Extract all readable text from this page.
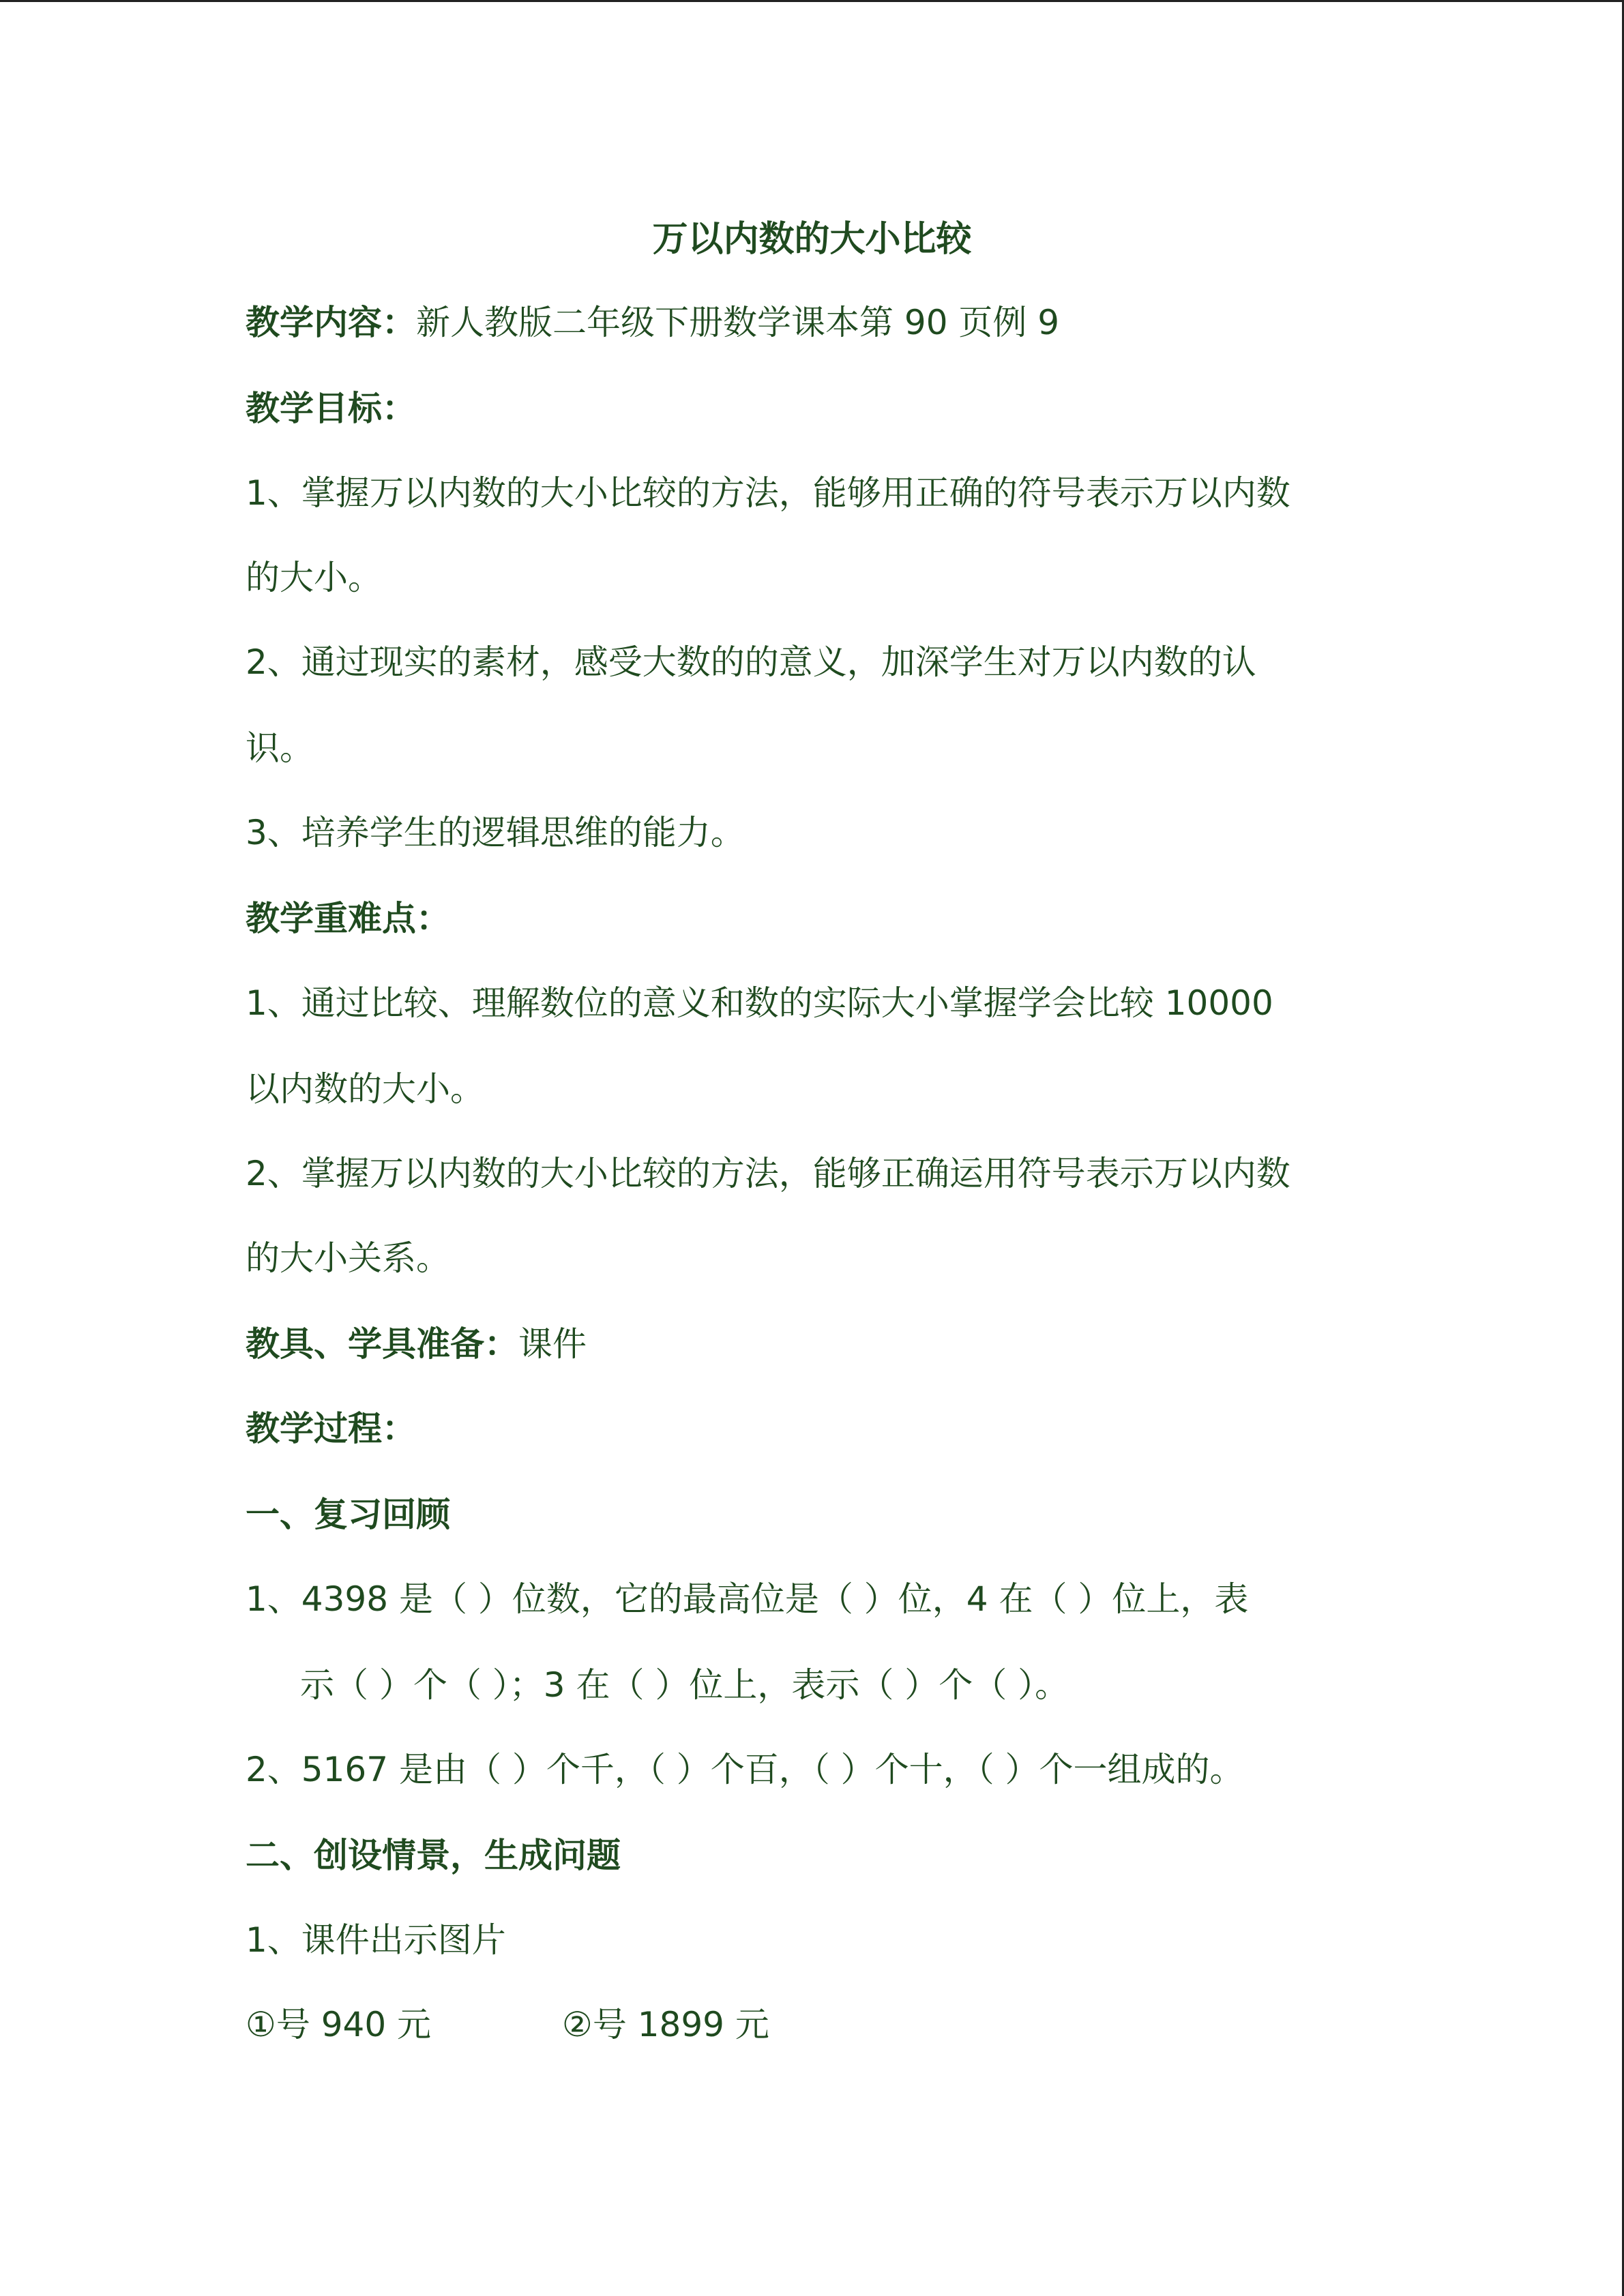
万以内数的大小比较
教学内容：新人教版二年级下册数学课本第 90 页例 9
教学目标：
1、掌握万以内数的大小比较的方法，能够用正确的符号表示万以内数
的大小。
2、通过现实的素材，感受大数的的意义，加深学生对万以内数的认
识。
3、培养学生的逻辑思维的能力。
教学重难点：
1、通过比较、理解数位的意义和数的实际大小掌握学会比较 10000
以内数的大小。
2、掌握万以内数的大小比较的方法，能够正确运用符号表示万以内数
的大小关系。
教具、学具准备：课件
教学过程：
一、复习回顾
1、4398 是（ ）位数，它的最高位是（ ）位，4 在（ ）位上，表
示（ ）个（ ）；3 在（ ）位上，表示（ ）个（ ）。
2、5167 是由（ ）个千，（ ）个百，（ ）个十，（ ）个一组成的。
二、创设情景，生成问题
1、课件出示图片
①号 940 元	②号 1899 元
